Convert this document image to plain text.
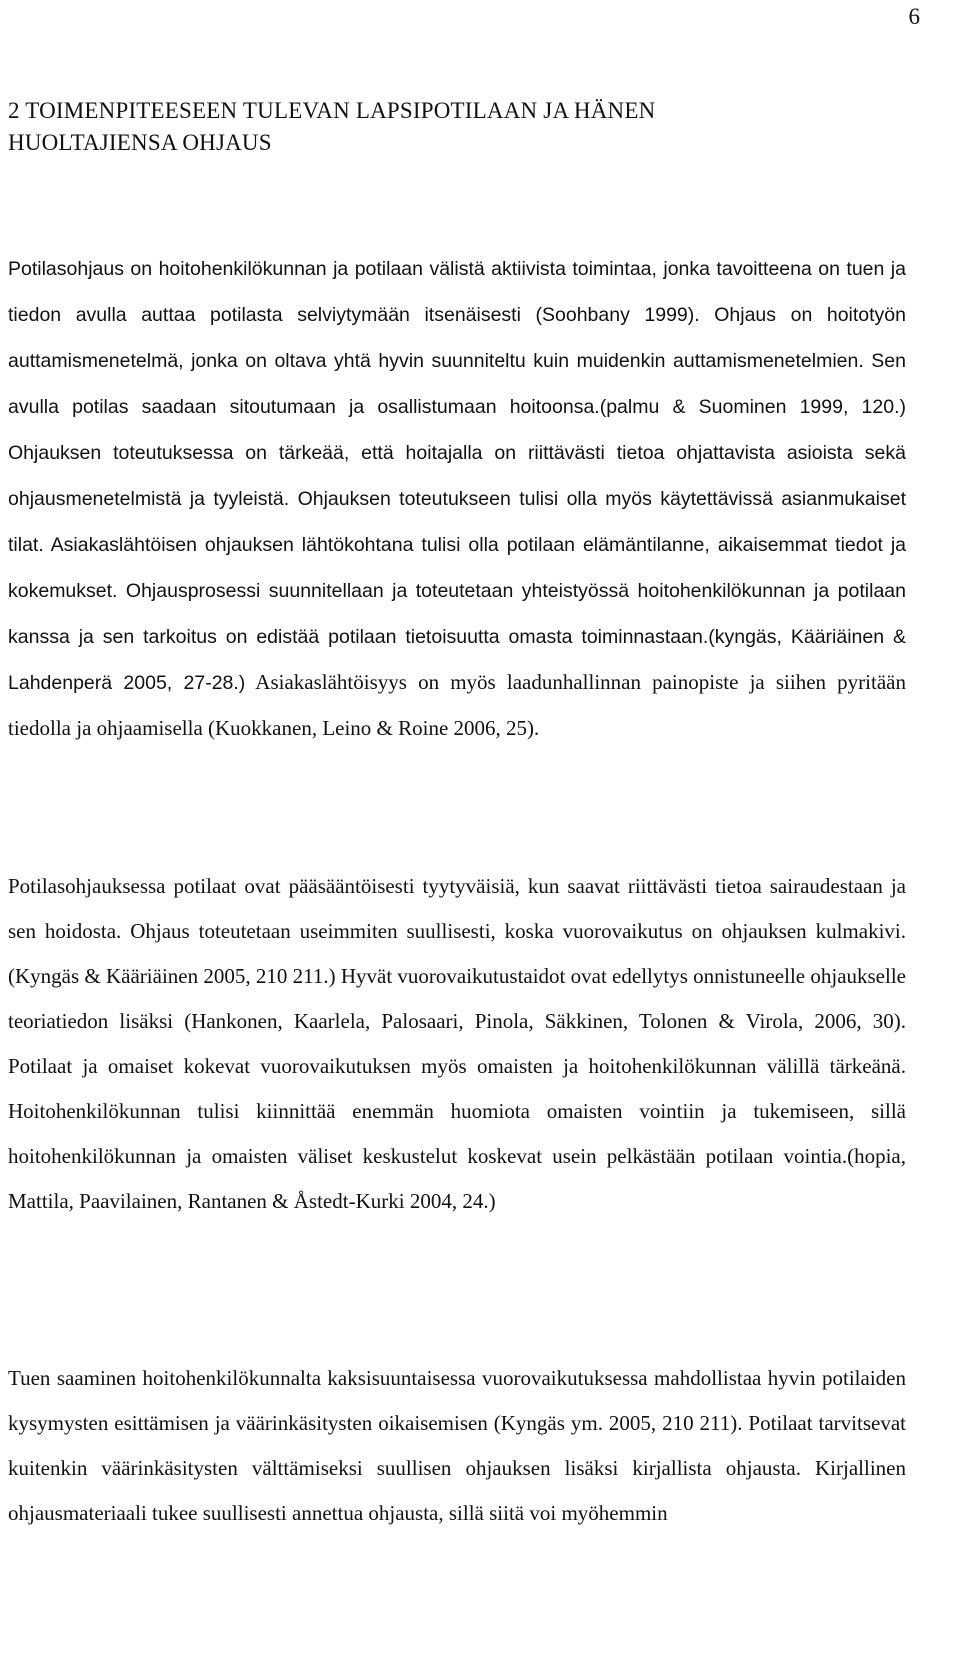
6
2 TOIMENPITEESEEN TULEVAN LAPSIPOTILAAN JA HÄNEN
HUOLTAJIENSA OHJAUS

Potilasohjaus on hoitohenkilökunnan ja potilaan välistä aktiivista toimintaa, jonka tavoitteena on tuen ja tiedon avulla auttaa potilasta selviytymään itsenäisesti (Soohbany 1999). Ohjaus on hoitotyön auttamismenetelmä, jonka on oltava yhtä hyvin suunniteltu kuin muidenkin auttamismenetelmien. Sen avulla potilas saadaan sitoutumaan ja osallistumaan hoitoonsa.(palmu & Suominen 1999, 120.) Ohjauksen toteutuksessa on tärkeää, että hoitajalla on riittävästi tietoa ohjattavista asioista sekä ohjausmenetelmistä ja tyyleistä. Ohjauksen toteutukseen tulisi olla myös käytettävissä asianmukaiset tilat. Asiakaslähtöisen ohjauksen lähtökohtana tulisi olla potilaan elämäntilanne, aikaisemmat tiedot ja kokemukset. Ohjausprosessi suunnitellaan ja toteutetaan yhteistyössä hoitohenkilökunnan ja potilaan kanssa ja sen tarkoitus on edistää potilaan tietoisuutta omasta toiminnastaan.(kyngäs, Kääriäinen & Lahdenperä 2005, 27-28.) Asiakaslähtöisyys on myös laadunhallinnan painopiste ja siihen pyritään tiedolla ja ohjaamisella (Kuokkanen, Leino & Roine 2006, 25).

Potilasohjauksessa potilaat ovat pääsääntöisesti tyytyväisiä, kun saavat riittävästi tietoa sairaudestaan ja sen hoidosta. Ohjaus toteutetaan useimmiten suullisesti, koska vuorovaikutus on ohjauksen kulmakivi.(Kyngäs & Kääriäinen 2005, 210 211.) Hyvät vuorovaikutustaidot ovat edellytys onnistuneelle ohjaukselle teoriatiedon lisäksi (Hankonen, Kaarlela, Palosaari, Pinola, Säkkinen, Tolonen & Virola, 2006, 30). Potilaat ja omaiset kokevat vuorovaikutuksen myös omaisten ja hoitohenkilökunnan välillä tärkeänä. Hoitohenkilökunnan tulisi kiinnittää enemmän huomiota omaisten vointiin ja tukemiseen, sillä hoitohenkilökunnan ja omaisten väliset keskustelut koskevat usein pelkästään potilaan vointia.(hopia, Mattila, Paavilainen, Rantanen & Åstedt-Kurki 2004, 24.)

Tuen saaminen hoitohenkilökunnalta kaksisuuntaisessa vuorovaikutuksessa mahdollistaa hyvin potilaiden kysymysten esittämisen ja väärinkäsitysten oikaisemisen (Kyngäs ym. 2005, 210 211). Potilaat tarvitsevat kuitenkin väärinkäsitysten välttämiseksi suullisen ohjauksen lisäksi kirjallista ohjausta. Kirjallinen ohjausmateriaali tukee suullisesti annettua ohjausta, sillä siitä voi myöhemmin
